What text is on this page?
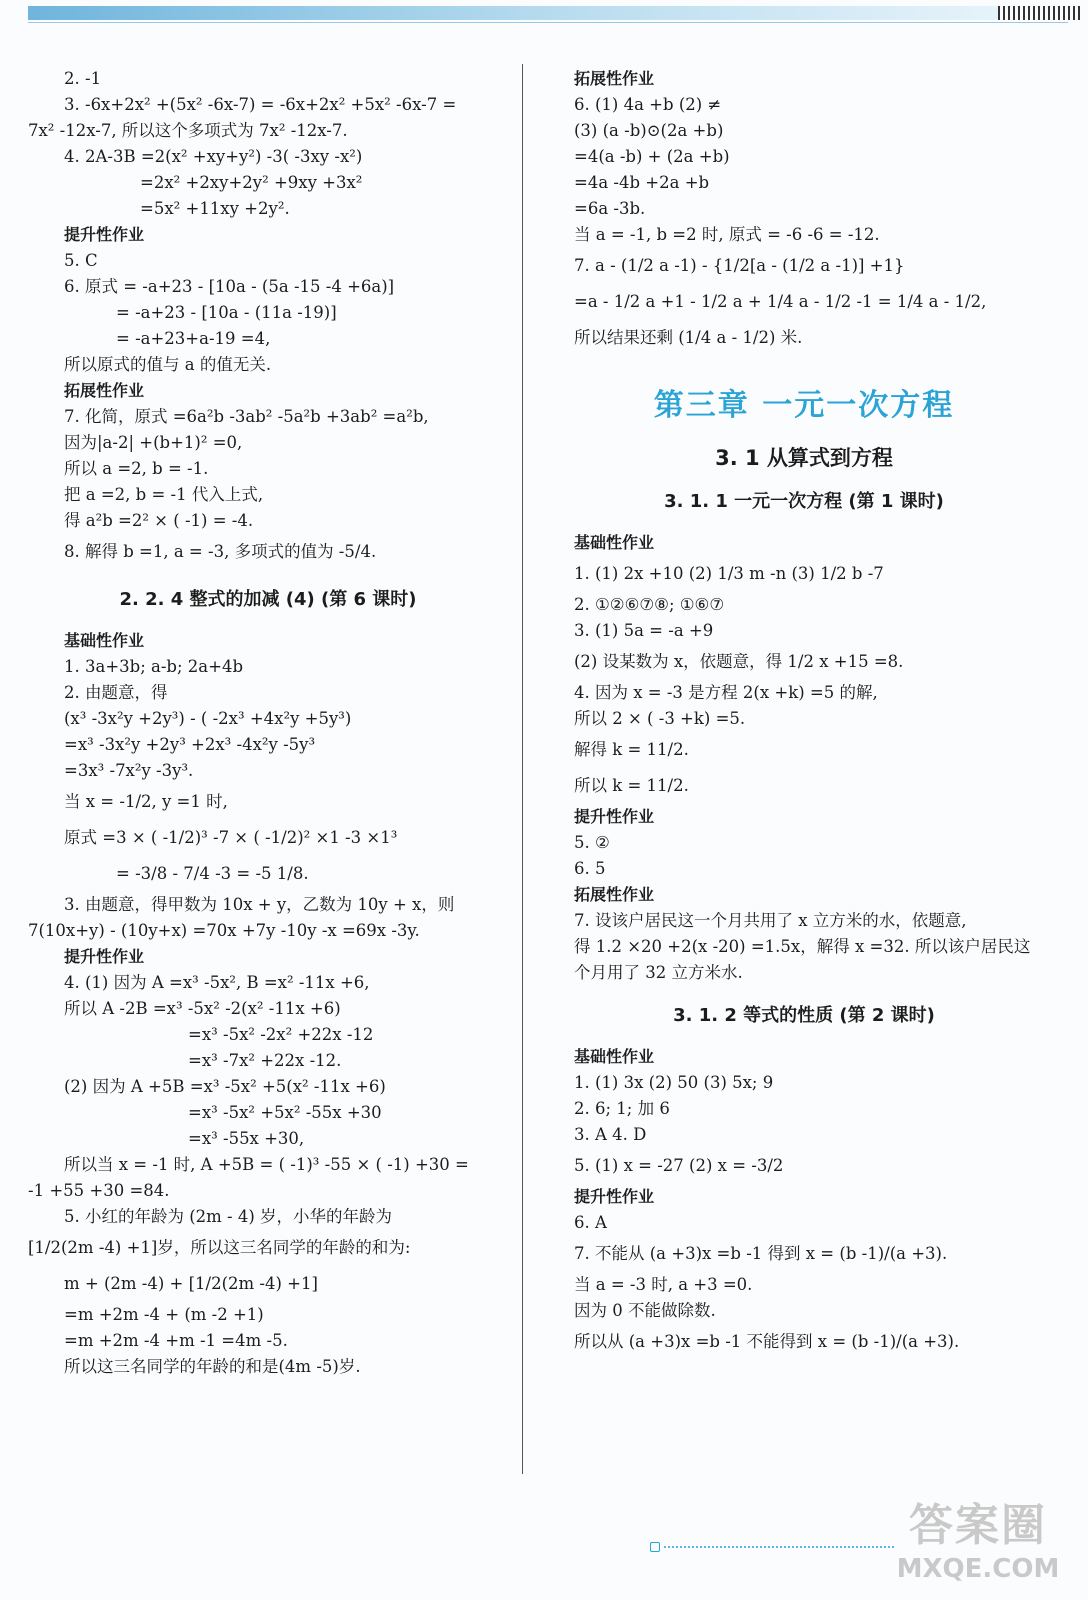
2. -1
3. -6x+2x² +(5x² -6x-7) = -6x+2x² +5x² -6x-7 =
7x² -12x-7, 所以这个多项式为 7x² -12x-7.
4. 2A-3B =2(x² +xy+y²) -3( -3xy -x²)
=2x² +2xy+2y² +9xy +3x²
=5x² +11xy +2y².
提升性作业
5. C
6. 原式 = -a+23 - [10a - (5a -15 -4 +6a)]
= -a+23 - [10a - (11a -19)]
= -a+23+a-19 =4,
所以原式的值与 a 的值无关.
拓展性作业
7. 化简，原式 =6a²b -3ab² -5a²b +3ab² =a²b,
因为|a-2| +(b+1)² =0,
所以 a =2, b = -1.
把 a =2, b = -1 代入上式,
得 a²b =2² × ( -1) = -4.
8. 解得 b =1, a = -3, 多项式的值为 -5/4.
2. 2. 4 整式的加减 (4) (第 6 课时)
基础性作业
1. 3a+3b; a-b; 2a+4b
2. 由题意，得
(x³ -3x²y +2y³) - ( -2x³ +4x²y +5y³)
=x³ -3x²y +2y³ +2x³ -4x²y -5y³
=3x³ -7x²y -3y³.
当 x = -1/2, y =1 时,
原式 =3 × ( -1/2)³ -7 × ( -1/2)² ×1 -3 ×1³
= -3/8 - 7/4 -3 = -5 1/8.
3. 由题意，得甲数为 10x + y，乙数为 10y + x，则
7(10x+y) - (10y+x) =70x +7y -10y -x =69x -3y.
提升性作业
4. (1) 因为 A =x³ -5x², B =x² -11x +6,
所以 A -2B =x³ -5x² -2(x² -11x +6)
=x³ -5x² -2x² +22x -12
=x³ -7x² +22x -12.
(2) 因为 A +5B =x³ -5x² +5(x² -11x +6)
=x³ -5x² +5x² -55x +30
=x³ -55x +30,
所以当 x = -1 时, A +5B = ( -1)³ -55 × ( -1) +30 =
-1 +55 +30 =84.
5. 小红的年龄为 (2m - 4) 岁，小华的年龄为
[1/2(2m -4) +1]岁，所以这三名同学的年龄的和为:
m + (2m -4) + [1/2(2m -4) +1]
=m +2m -4 + (m -2 +1)
=m +2m -4 +m -1 =4m -5.
所以这三名同学的年龄的和是(4m -5)岁.
拓展性作业
6. (1) 4a +b (2) ≠
(3) (a -b)⊙(2a +b)
=4(a -b) + (2a +b)
=4a -4b +2a +b
=6a -3b.
当 a = -1, b =2 时, 原式 = -6 -6 = -12.
7. a - (1/2 a -1) - {1/2[a - (1/2 a -1)] +1}
=a - 1/2 a +1 - 1/2 a + 1/4 a - 1/2 -1 = 1/4 a - 1/2,
所以结果还剩 (1/4 a - 1/2) 米.
第三章 一元一次方程
3. 1 从算式到方程
3. 1. 1 一元一次方程 (第 1 课时)
基础性作业
1. (1) 2x +10 (2) 1/3 m -n (3) 1/2 b -7
2. ①②⑥⑦⑧; ①⑥⑦
3. (1) 5a = -a +9
(2) 设某数为 x，依题意，得 1/2 x +15 =8.
4. 因为 x = -3 是方程 2(x +k) =5 的解,
所以 2 × ( -3 +k) =5.
解得 k = 11/2.
所以 k = 11/2.
提升性作业
5. ②
6. 5
拓展性作业
7. 设该户居民这一个月共用了 x 立方米的水，依题意,
得 1.2 ×20 +2(x -20) =1.5x，解得 x =32. 所以该户居民这
个月用了 32 立方米水.
3. 1. 2 等式的性质 (第 2 课时)
基础性作业
1. (1) 3x (2) 50 (3) 5x; 9
2. 6; 1; 加 6
3. A 4. D
5. (1) x = -27 (2) x = -3/2
提升性作业
6. A
7. 不能从 (a +3)x =b -1 得到 x = (b -1)/(a +3).
当 a = -3 时, a +3 =0.
因为 0 不能做除数.
所以从 (a +3)x =b -1 不能得到 x = (b -1)/(a +3).
答案圈
MXQE.COM
